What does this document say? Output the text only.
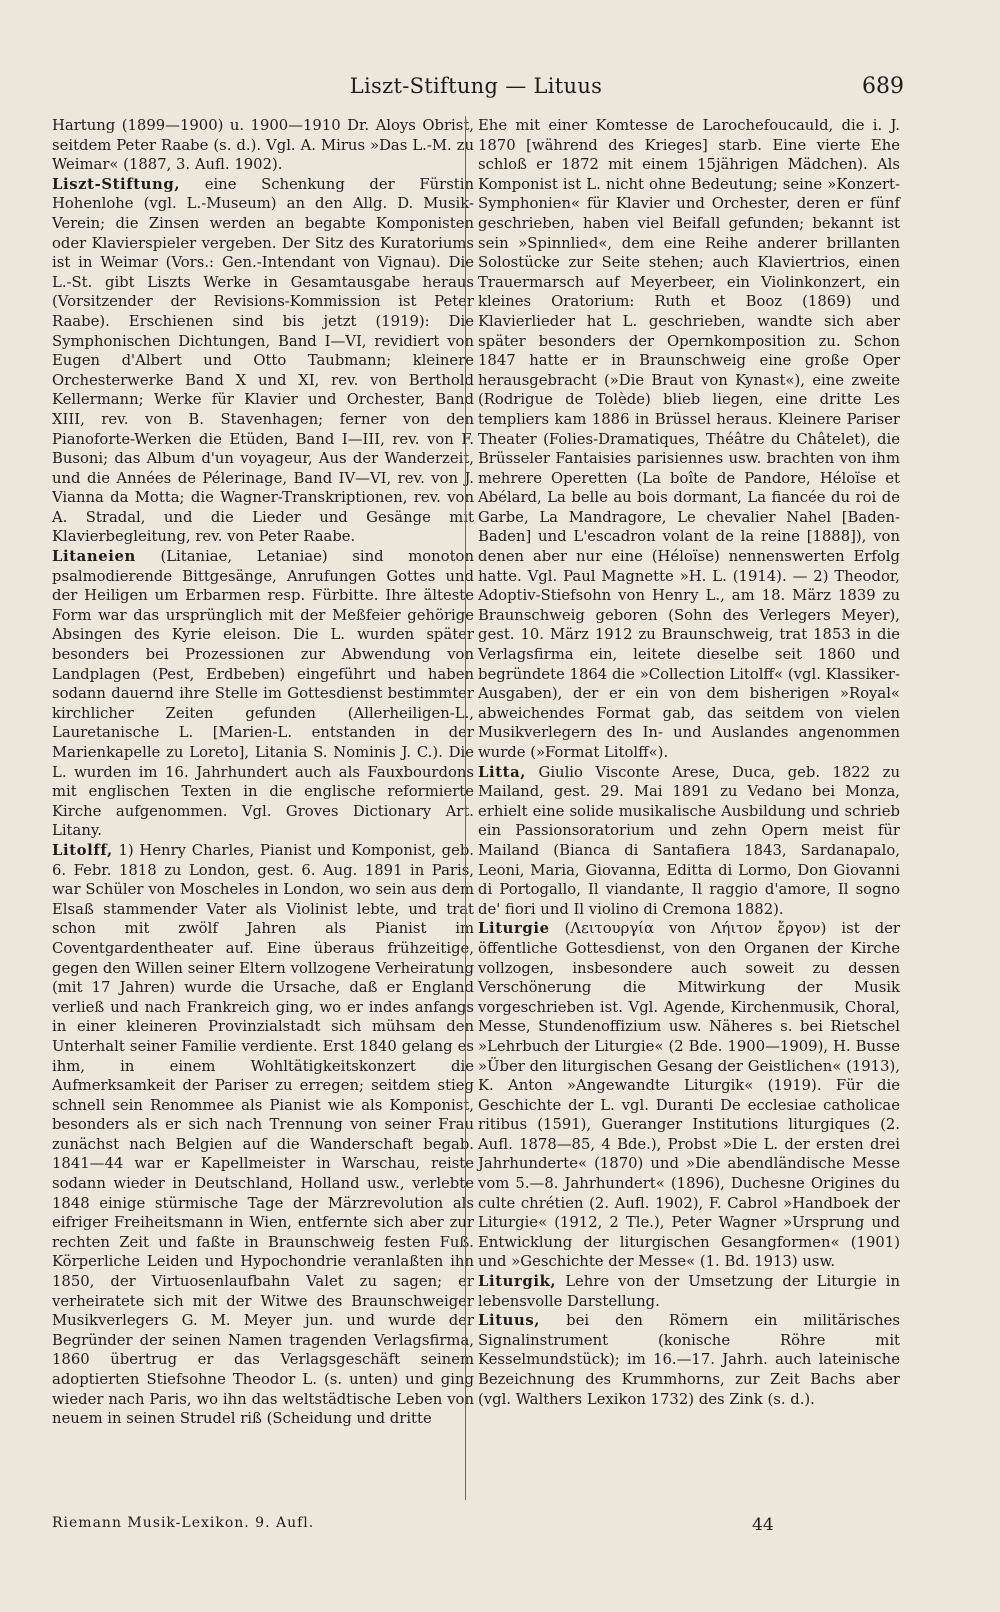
Liszt-Stiftung — Lituus	689

Hartung (1899—1900) u. 1900—1910 Dr. Aloys Obrist, seitdem Peter Raabe (s. d.). Vgl. A. Mirus »Das L.-M. zu Weimar« (1887, 3. Aufl. 1902).

Liszt-Stiftung, eine Schenkung der Fürstin Hohenlohe (vgl. L.-Museum) an den Allg. D. Musik-Verein; die Zinsen werden an begabte Komponisten oder Klavierspieler vergeben. Der Sitz des Kuratoriums ist in Weimar (Vors.: Gen.-Intendant von Vignau). Die L.-St. gibt Liszts Werke in Gesamtausgabe heraus (Vorsitzender der Revisions-Kommission ist Peter Raabe). Erschienen sind bis jetzt (1919): Die Symphonischen Dichtungen, Band I—VI, revidiert von Eugen d'Albert und Otto Taubmann; kleinere Orchesterwerke Band X und XI, rev. von Berthold Kellermann; Werke für Klavier und Orchester, Band XIII, rev. von B. Stavenhagen; ferner von den Pianoforte-Werken die Etüden, Band I—III, rev. von F. Busoni; das Album d'un voyageur, Aus der Wanderzeit, und die Années de Pélerinage, Band IV—VI, rev. von J. Vianna da Motta; die Wagner-Transkriptionen, rev. von A. Stradal, und die Lieder und Gesänge mit Klavierbegleitung, rev. von Peter Raabe.

Litaneien (Litaniae, Letaniae) sind monoton psalmodierende Bittgesänge, Anrufungen Gottes und der Heiligen um Erbarmen resp. Fürbitte. Ihre älteste Form war das ursprünglich mit der Meßfeier gehörige Absingen des Kyrie eleison. Die L. wurden später besonders bei Prozessionen zur Abwendung von Landplagen (Pest, Erdbeben) eingeführt und haben sodann dauernd ihre Stelle im Gottesdienst bestimmter kirchlicher Zeiten gefunden (Allerheiligen-L., Lauretanische L. [Marien-L. entstanden in der Marienkapelle zu Loreto], Litania S. Nominis J. C.). Die L. wurden im 16. Jahrhundert auch als Fauxbourdons mit englischen Texten in die englische reformierte Kirche aufgenommen. Vgl. Groves Dictionary Art. Litany.

Litolff, 1) Henry Charles, Pianist und Komponist, geb. 6. Febr. 1818 zu London, gest. 6. Aug. 1891 in Paris, war Schüler von Moscheles in London, wo sein aus dem Elsaß stammender Vater als Violinist lebte, und trat schon mit zwölf Jahren als Pianist im Coventgardentheater auf. Eine überaus frühzeitige, gegen den Willen seiner Eltern vollzogene Verheiratung (mit 17 Jahren) wurde die Ursache, daß er England verließ und nach Frankreich ging, wo er indes anfangs in einer kleineren Provinzialstadt sich mühsam den Unterhalt seiner Familie verdiente. Erst 1840 gelang es ihm, in einem Wohltätigkeitskonzert die Aufmerksamkeit der Pariser zu erregen; seitdem stieg schnell sein Renommee als Pianist wie als Komponist, besonders als er sich nach Trennung von seiner Frau zunächst nach Belgien auf die Wanderschaft begab. 1841—44 war er Kapellmeister in Warschau, reiste sodann wieder in Deutschland, Holland usw., verlebte 1848 einige stürmische Tage der Märzrevolution als eifriger Freiheitsmann in Wien, entfernte sich aber zur rechten Zeit und faßte in Braunschweig festen Fuß. Körperliche Leiden und Hypochondrie veranlaßten ihn 1850, der Virtuosenlaufbahn Valet zu sagen; er verheiratete sich mit der Witwe des Braunschweiger Musikverlegers G. M. Meyer jun. und wurde der Begründer der seinen Namen tragenden Verlagsfirma, 1860 übertrug er das Verlagsgeschäft seinem adoptierten Stiefsohne Theodor L. (s. unten) und ging wieder nach Paris, wo ihn das weltstädtische Leben von neuem in seinen Strudel riß (Scheidung und dritte

Ehe mit einer Komtesse de Larochefoucauld, die i. J. 1870 [während des Krieges] starb. Eine vierte Ehe schloß er 1872 mit einem 15jährigen Mädchen). Als Komponist ist L. nicht ohne Bedeutung; seine »Konzert-Symphonien« für Klavier und Orchester, deren er fünf geschrieben, haben viel Beifall gefunden; bekannt ist sein »Spinnlied«, dem eine Reihe anderer brillanten Solostücke zur Seite stehen; auch Klaviertrios, einen Trauermarsch auf Meyerbeer, ein Violinkonzert, ein kleines Oratorium: Ruth et Booz (1869) und Klavierlieder hat L. geschrieben, wandte sich aber später besonders der Opernkomposition zu. Schon 1847 hatte er in Braunschweig eine große Oper herausgebracht (»Die Braut von Kynast«), eine zweite (Rodrigue de Tolède) blieb liegen, eine dritte Les templiers kam 1886 in Brüssel heraus. Kleinere Pariser Theater (Folies-Dramatiques, Théâtre du Châtelet), die Brüsseler Fantaisies parisiennes usw. brachten von ihm mehrere Operetten (La boîte de Pandore, Héloïse et Abélard, La belle au bois dormant, La fiancée du roi de Garbe, La Mandragore, Le chevalier Nahel [Baden-Baden] und L'escadron volant de la reine [1888]), von denen aber nur eine (Héloïse) nennenswerten Erfolg hatte. Vgl. Paul Magnette »H. L. (1914). — 2) Theodor, Adoptiv-Stiefsohn von Henry L., am 18. März 1839 zu Braunschweig geboren (Sohn des Verlegers Meyer), gest. 10. März 1912 zu Braunschweig, trat 1853 in die Verlagsfirma ein, leitete dieselbe seit 1860 und begründete 1864 die »Collection Litolff« (vgl. Klassiker-Ausgaben), der er ein von dem bisherigen »Royal« abweichendes Format gab, das seitdem von vielen Musikverlegern des In- und Auslandes angenommen wurde (»Format Litolff«).

Litta, Giulio Visconte Arese, Duca, geb. 1822 zu Mailand, gest. 29. Mai 1891 zu Vedano bei Monza, erhielt eine solide musikalische Ausbildung und schrieb ein Passionsoratorium und zehn Opern meist für Mailand (Bianca di Santafiera 1843, Sardanapalo, Leoni, Maria, Giovanna, Editta di Lormo, Don Giovanni di Portogallo, Il viandante, Il raggio d'amore, Il sogno de' fiori und Il violino di Cremona 1882).

Liturgie (Λειτουργία von Λήιτον ἔργον) ist der öffentliche Gottesdienst, von den Organen der Kirche vollzogen, insbesondere auch soweit zu dessen Verschönerung die Mitwirkung der Musik vorgeschrieben ist. Vgl. Agende, Kirchenmusik, Choral, Messe, Stundenoffizium usw. Näheres s. bei Rietschel »Lehrbuch der Liturgie« (2 Bde. 1900—1909), H. Busse »Über den liturgischen Gesang der Geistlichen« (1913), K. Anton »Angewandte Liturgik« (1919). Für die Geschichte der L. vgl. Duranti De ecclesiae catholicae ritibus (1591), Gueranger Institutions liturgiques (2. Aufl. 1878—85, 4 Bde.), Probst »Die L. der ersten drei Jahrhunderte« (1870) und »Die abendländische Messe vom 5.—8. Jahrhundert« (1896), Duchesne Origines du culte chrétien (2. Aufl. 1902), F. Cabrol »Handboek der Liturgie« (1912, 2 Tle.), Peter Wagner »Ursprung und Entwicklung der liturgischen Gesangformen« (1901) und »Geschichte der Messe« (1. Bd. 1913) usw.

Liturgik, Lehre von der Umsetzung der Liturgie in lebensvolle Darstellung.

Lituus, bei den Römern ein militärisches Signalinstrument (konische Röhre mit Kesselmundstück); im 16.—17. Jahrh. auch lateinische Bezeichnung des Krummhorns, zur Zeit Bachs aber (vgl. Walthers Lexikon 1732) des Zink (s. d.).

Riemann Musik-Lexikon. 9. Aufl.	44
